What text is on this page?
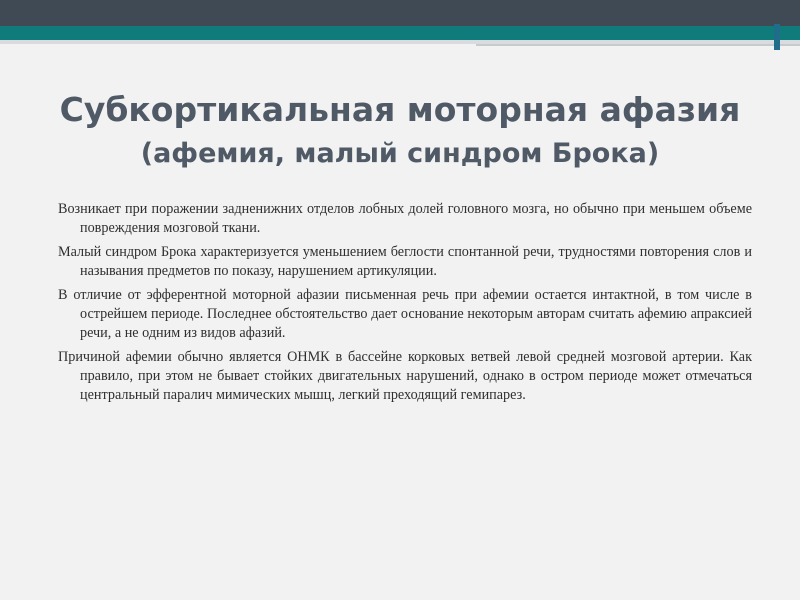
Субкортикальная моторная афазия
(афемия, малый синдром Брока)

Возникает при поражении задненижних отделов лобных долей головного мозга, но обычно при меньшем объеме повреждения мозговой ткани.

Малый синдром Брока характеризуется уменьшением беглости спонтанной речи, трудностями повторения слов и называния предметов по показу, нарушением артикуляции.

В отличие от эфферентной моторной афазии письменная речь при афемии остается интактной, в том числе в острейшем периоде. Последнее обстоятельство дает основание некоторым авторам считать афемию апраксией речи, а не одним из видов афазий.

Причиной афемии обычно является ОНМК в бассейне корковых ветвей левой средней мозговой артерии. Как правило, при этом не бывает стойких двигательных нарушений, однако в остром периоде может отмечаться центральный паралич мимических мышц, легкий преходящий гемипарез.
